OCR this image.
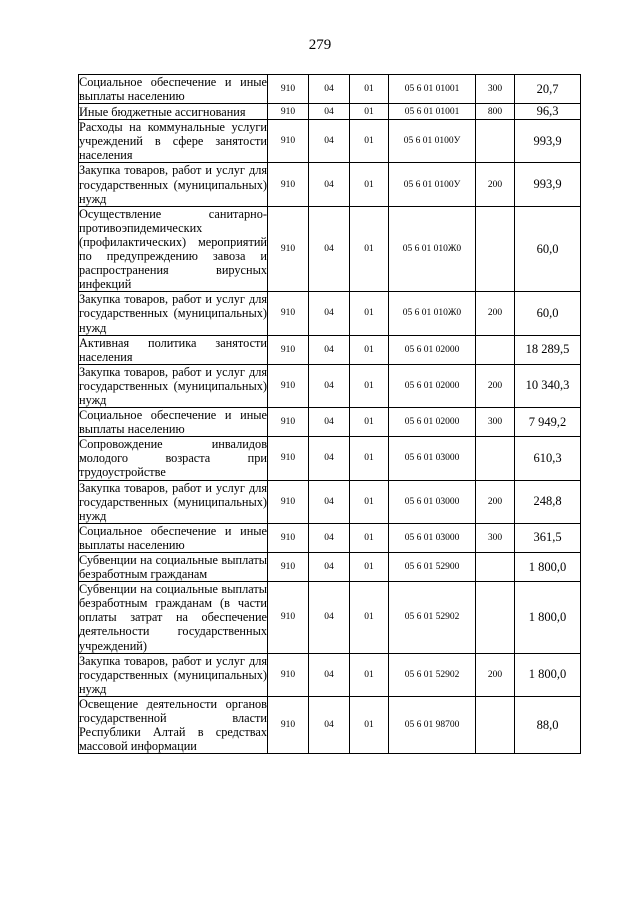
279
Социальное обеспечение и иные выплаты населению	910	04	01	05 6 01 01001	300	20,7
Иные бюджетные ассигнования	910	04	01	05 6 01 01001	800	96,3
Расходы на коммунальные услуги учреждений в сфере занятости населения	910	04	01	05 6 01 0100У		993,9
Закупка товаров, работ и услуг для государственных (муниципальных) нужд	910	04	01	05 6 01 0100У	200	993,9
Осуществление санитарно-противоэпидемических (профилактических) мероприятий по предупреждению завоза и распространения вирусных инфекций	910	04	01	05 6 01 010Ж0		60,0
Закупка товаров, работ и услуг для государственных (муниципальных) нужд	910	04	01	05 6 01 010Ж0	200	60,0
Активная политика занятости населения	910	04	01	05 6 01 02000		18 289,5
Закупка товаров, работ и услуг для государственных (муниципальных) нужд	910	04	01	05 6 01 02000	200	10 340,3
Социальное обеспечение и иные выплаты населению	910	04	01	05 6 01 02000	300	7 949,2
Сопровождение инвалидов молодого возраста при трудоустройстве	910	04	01	05 6 01 03000		610,3
Закупка товаров, работ и услуг для государственных (муниципальных) нужд	910	04	01	05 6 01 03000	200	248,8
Социальное обеспечение и иные выплаты населению	910	04	01	05 6 01 03000	300	361,5
Субвенции на социальные выплаты безработным гражданам	910	04	01	05 6 01 52900		1 800,0
Субвенции на социальные выплаты безработным гражданам (в части оплаты затрат на обеспечение деятельности государственных учреждений)	910	04	01	05 6 01 52902		1 800,0
Закупка товаров, работ и услуг для государственных (муниципальных) нужд	910	04	01	05 6 01 52902	200	1 800,0
Освещение деятельности органов государственной власти Республики Алтай в средствах массовой информации	910	04	01	05 6 01 98700		88,0
